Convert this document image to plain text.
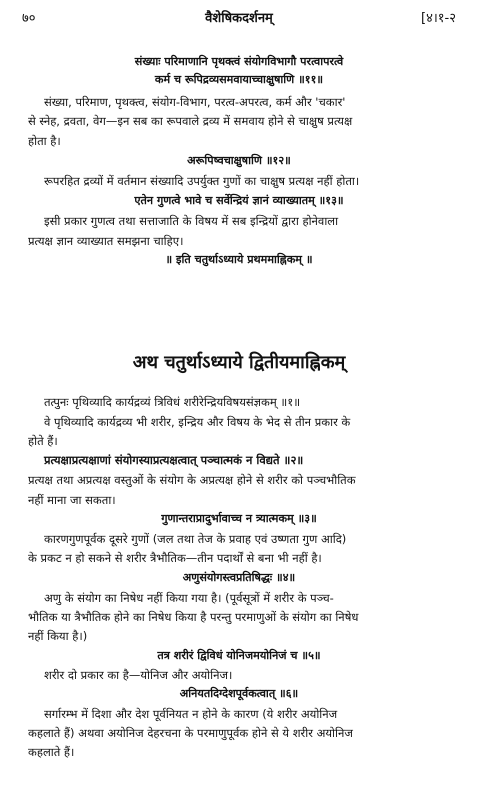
७०	वैशेषिकदर्शनम्	[४।१-२
संख्याः परिमाणानि पृथक्त्वं संयोगविभागौ परत्वापरत्वे
कर्म च रूपिद्रव्यसमवायाच्चाक्षुषाणि ॥११॥
संख्या, परिमाण, पृथक्त्व, संयोग-विभाग, परत्व-अपरत्व, कर्म और 'चकार'
से स्नेह, द्रवता, वेग—इन सब का रूपवाले द्रव्य में समवाय होने से चाक्षुष प्रत्यक्ष
होता है।
अरूपिष्वचाक्षुषाणि ॥१२॥
रूपरहित द्रव्यों में वर्तमान संख्यादि उपर्युक्त गुणों का चाक्षुष प्रत्यक्ष नहीं होता।
एतेन गुणत्वे भावे च सर्वेन्द्रियं ज्ञानं व्याख्यातम् ॥१३॥
इसी प्रकार गुणत्व तथा सत्ताजाति के विषय में सब इन्द्रियों द्वारा होनेवाला
प्रत्यक्ष ज्ञान व्याख्यात समझना चाहिए।
॥ इति चतुर्थाऽध्याये प्रथममाह्निकम् ॥
अथ चतुर्थाऽध्याये द्वितीयमाह्निकम्
तत्पुनः पृथिव्यादि कार्यद्रव्यं त्रिविधं शरीरेन्द्रियविषयसंज्ञकम् ॥१॥
वे पृथिव्यादि कार्यद्रव्य भी शरीर, इन्द्रिय और विषय के भेद से तीन प्रकार के
होते हैं।
प्रत्यक्षाप्रत्यक्षाणां संयोगस्याप्रत्यक्षत्वात् पञ्चात्मकं न विद्यते ॥२॥
प्रत्यक्ष तथा अप्रत्यक्ष वस्तुओं के संयोग के अप्रत्यक्ष होने से शरीर को पञ्चभौतिक
नहीं माना जा सकता।
गुणान्तराप्रादुर्भावाच्च न त्र्यात्मकम् ॥३॥
कारणगुणपूर्वक दूसरे गुणों (जल तथा तेज के प्रवाह एवं उष्णता गुण आदि)
के प्रकट न हो सकने से शरीर त्रैभौतिक—तीन पदार्थों से बना भी नहीं है।
अणुसंयोगस्त्वप्रतिषिद्धः ॥४॥
अणु के संयोग का निषेध नहीं किया गया है। (पूर्वसूत्रों में शरीर के पञ्च-
भौतिक या त्रैभौतिक होने का निषेध किया है परन्तु परमाणुओं के संयोग का निषेध
नहीं किया है।)
तत्र शरीरं द्विविधं योनिजमयोनिजं च ॥५॥
शरीर दो प्रकार का है—योनिज और अयोनिज।
अनियतदिग्देशपूर्वकत्वात् ॥६॥
सर्गारम्भ में दिशा और देश पूर्वनियत न होने के कारण (ये शरीर अयोनिज
कहलाते हैं) अथवा अयोनिज देहरचना के परमाणुपूर्वक होने से ये शरीर अयोनिज
कहलाते हैं।
